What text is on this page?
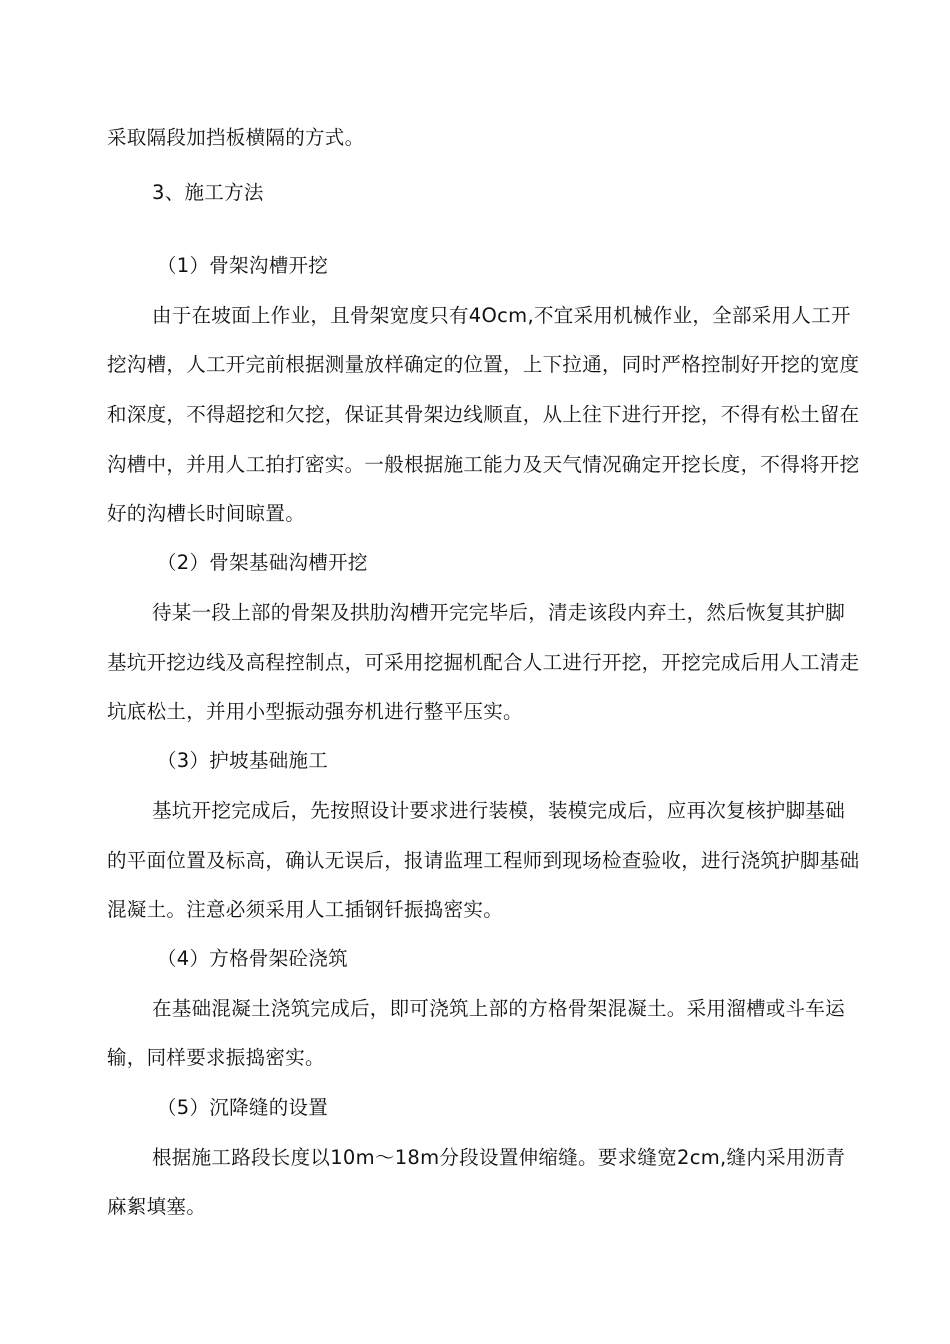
采取隔段加挡板横隔的方式。
3、施工方法
（1）骨架沟槽开挖
由于在坡面上作业，且骨架宽度只有4Ocm,不宜采用机械作业，全部采用人工开
挖沟槽，人工开完前根据测量放样确定的位置，上下拉通，同时严格控制好开挖的宽度
和深度，不得超挖和欠挖，保证其骨架边线顺直，从上往下进行开挖，不得有松土留在
沟槽中，并用人工拍打密实。一般根据施工能力及天气情况确定开挖长度，不得将开挖
好的沟槽长时间晾置。
（2）骨架基础沟槽开挖
待某一段上部的骨架及拱肋沟槽开完完毕后，清走该段内弃土，然后恢复其护脚
基坑开挖边线及高程控制点，可采用挖掘机配合人工进行开挖，开挖完成后用人工清走
坑底松土，并用小型振动强夯机进行整平压实。
（3）护坡基础施工
基坑开挖完成后，先按照设计要求进行装模，装模完成后，应再次复核护脚基础
的平面位置及标高，确认无误后，报请监理工程师到现场检查验收，进行浇筑护脚基础
混凝土。注意必须采用人工插钢钎振捣密实。
（4）方格骨架砼浇筑
在基础混凝土浇筑完成后，即可浇筑上部的方格骨架混凝土。采用溜槽或斗车运
输，同样要求振捣密实。
（5）沉降缝的设置
根据施工路段长度以10m〜18m分段设置伸缩缝。要求缝宽2cm,缝内采用沥青
麻絮填塞。
